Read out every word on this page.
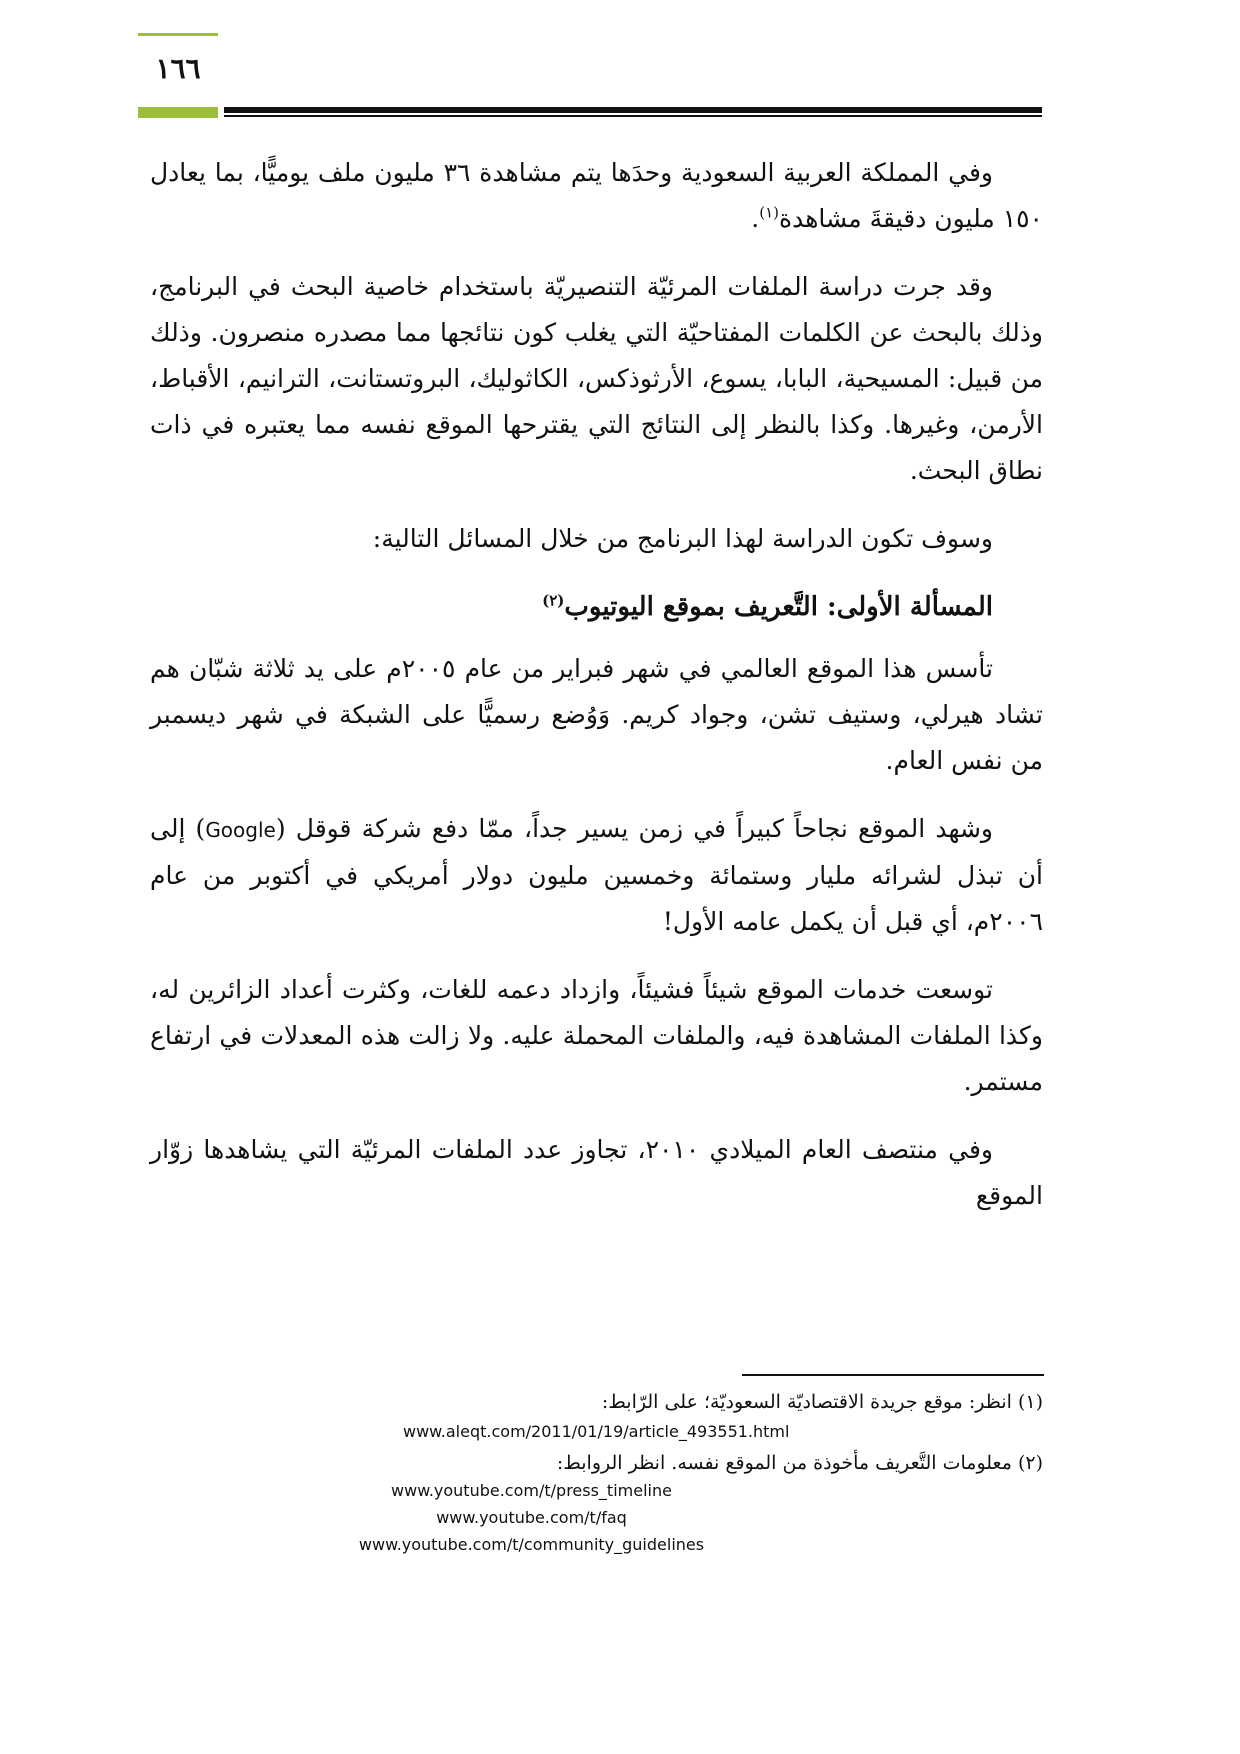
١٦٦

وفي المملكة العربية السعودية وحدَها يتم مشاهدة ٣٦ مليون ملف يوميًّا، بما يعادل ١٥٠ مليون دقيقةَ مشاهدة$^{(١)}$.

وقد جرت دراسة الملفات المرئيّة التنصيريّة باستخدام خاصية البحث في البرنامج، وذلك بالبحث عن الكلمات المفتاحيّة التي يغلب كون نتائجها مما مصدره منصرون. وذلك من قبيل: المسيحية، البابا، يسوع، الأرثوذكس، الكاثوليك، البروتستانت، الترانيم، الأقباط، الأرمن، وغيرها. وكذا بالنظر إلى النتائج التي يقترحها الموقع نفسه مما يعتبره في ذات نطاق البحث.

وسوف تكون الدراسة لهذا البرنامج من خلال المسائل التالية:

المسألة الأولى: التَّعريف بموقع اليوتيوب$^{(٢)}$

تأسس هذا الموقع العالمي في شهر فبراير من عام ٢٠٠٥م على يد ثلاثة شبّان هم تشاد هيرلي، وستيف تشن، وجواد كريم. وَوُضع رسميًّا على الشبكة في شهر ديسمبر من نفس العام.

وشهد الموقع نجاحاً كبيراً في زمن يسير جداً، ممّا دفع شركة قوقل (Google) إلى أن تبذل لشرائه مليار وستمائة وخمسين مليون دولار أمريكي في أكتوبر من عام ٢٠٠٦م، أي قبل أن يكمل عامه الأول!

توسعت خدمات الموقع شيئاً فشيئاً، وازداد دعمه للغات، وكثرت أعداد الزائرين له، وكذا الملفات المشاهدة فيه، والملفات المحملة عليه. ولا زالت هذه المعدلات في ارتفاع مستمر.

وفي منتصف العام الميلادي ٢٠١٠، تجاوز عدد الملفات المرئيّة التي يشاهدها زوّار الموقع

(١) انظر: موقع جريدة الاقتصاديّة السعوديّة؛ على الرّابط:

www.aleqt.com/2011/01/19/article_493551.html

(٢) معلومات التَّعريف مأخوذة من الموقع نفسه. انظر الروابط:

www.youtube.com/t/press_timeline
www.youtube.com/t/faq
www.youtube.com/t/community_guidelines
